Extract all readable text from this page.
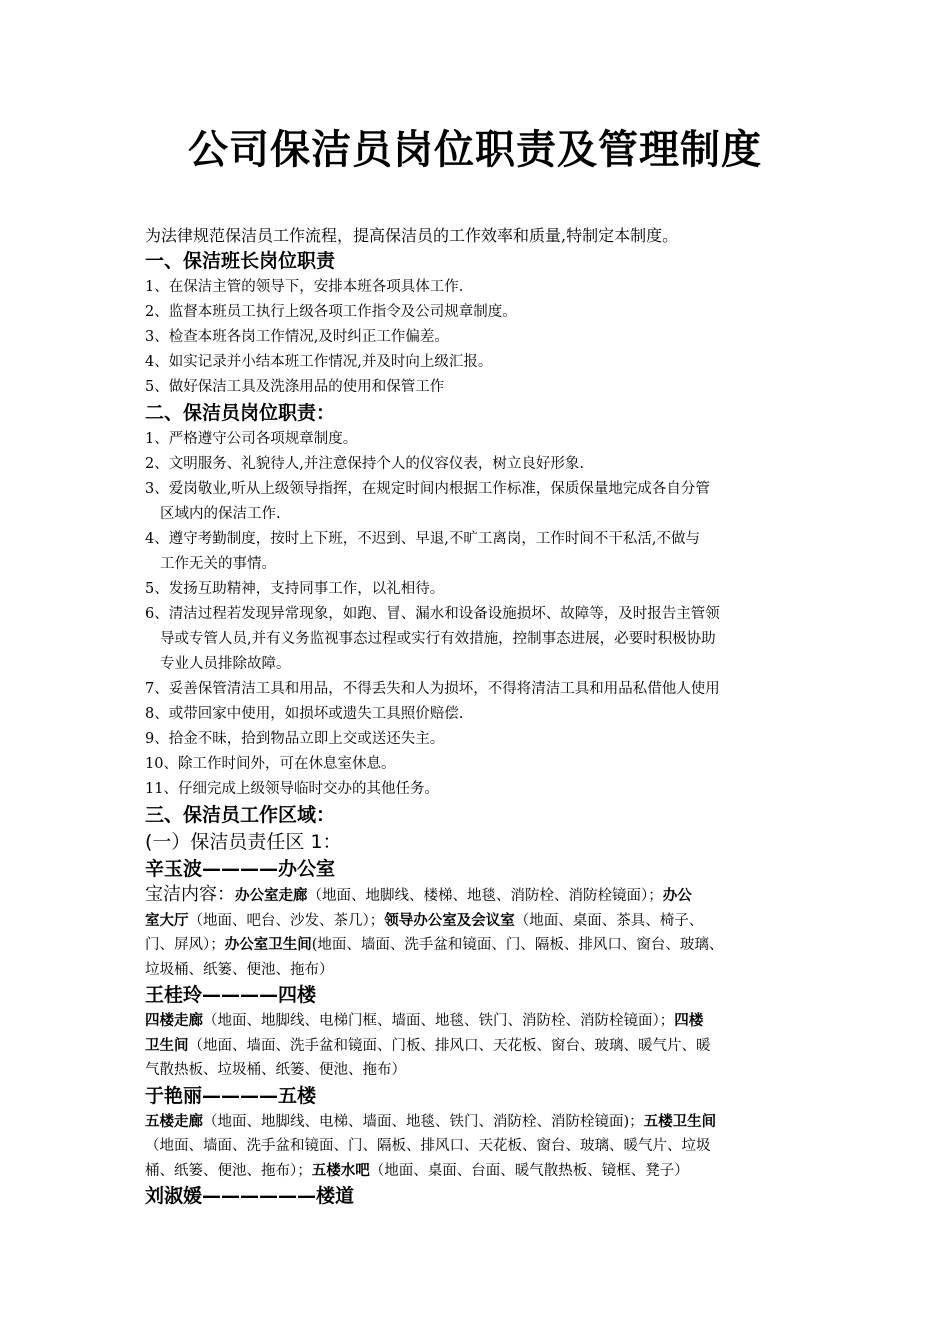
公司保洁员岗位职责及管理制度
为法律规范保洁员工作流程，提高保洁员的工作效率和质量,特制定本制度。
一、保洁班长岗位职责
1、在保洁主管的领导下，安排本班各项具体工作.
2、监督本班员工执行上级各项工作指令及公司规章制度。
3、检查本班各岗工作情况,及时纠正工作偏差。
4、如实记录并小结本班工作情况,并及时向上级汇报。
5、做好保洁工具及洗涤用品的使用和保管工作
二、保洁员岗位职责：
1、严格遵守公司各项规章制度。
2、文明服务、礼貌待人,并注意保持个人的仪容仪表，树立良好形象.
3、爱岗敬业,听从上级领导指挥，在规定时间内根据工作标准，保质保量地完成各自分管
区域内的保洁工作.
4、遵守考勤制度，按时上下班，不迟到、早退,不旷工离岗，工作时间不干私活,不做与
工作无关的事情。
5、发扬互助精神，支持同事工作，以礼相待。
6、清洁过程若发现异常现象，如跑、冒、漏水和设备设施损坏、故障等，及时报告主管领
导或专管人员,并有义务监视事态过程或实行有效措施，控制事态进展，必要时积极协助
专业人员排除故障。
7、妥善保管清洁工具和用品，不得丢失和人为损坏，不得将清洁工具和用品私借他人使用
8、或带回家中使用，如损坏或遗失工具照价赔偿.
9、拾金不昧，拾到物品立即上交或送还失主。
10、除工作时间外，可在休息室休息。
11、仔细完成上级领导临时交办的其他任务。
三、保洁员工作区域：
(一）保洁员责任区 1：
辛玉波————办公室
宝洁内容：办公室走廊（地面、地脚线、楼梯、地毯、消防栓、消防栓镜面）；办公
室大厅（地面、吧台、沙发、茶几）；领导办公室及会议室（地面、桌面、茶具、椅子、
门、屏风）；办公室卫生间(地面、墙面、洗手盆和镜面、门、隔板、排风口、窗台、玻璃、
垃圾桶、纸篓、便池、拖布）
王桂玲————四楼
四楼走廊（地面、地脚线、电梯门框、墙面、地毯、铁门、消防栓、消防栓镜面）；四楼
卫生间（地面、墙面、洗手盆和镜面、门板、排风口、天花板、窗台、玻璃、暖气片、暖
气散热板、垃圾桶、纸篓、便池、拖布）
于艳丽————五楼
五楼走廊（地面、地脚线、电梯、墙面、地毯、铁门、消防栓、消防栓镜面)；五楼卫生间
（地面、墙面、洗手盆和镜面、门、隔板、排风口、天花板、窗台、玻璃、暖气片、垃圾
桶、纸篓、便池、拖布）；五楼水吧（地面、桌面、台面、暖气散热板、镜框、凳子）
刘淑媛——————楼道
